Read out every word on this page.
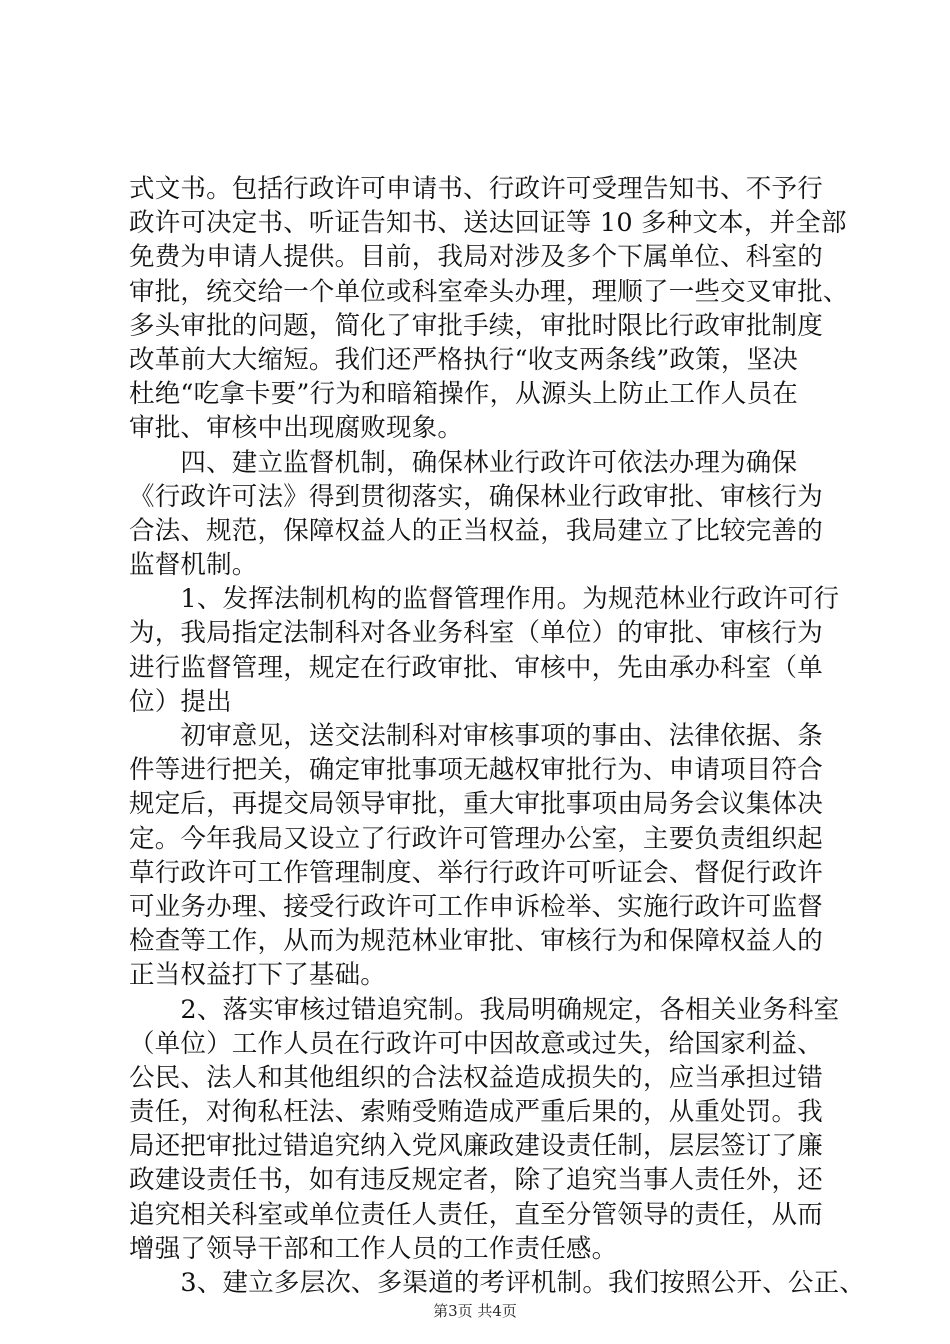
式文书。包括行政许可申请书、行政许可受理告知书、不予行
政许可决定书、听证告知书、送达回证等 10 多种文本，并全部
免费为申请人提供。目前，我局对涉及多个下属单位、科室的
审批，统交给一个单位或科室牵头办理，理顺了一些交叉审批、
多头审批的问题，简化了审批手续，审批时限比行政审批制度
改革前大大缩短。我们还严格执行“收支两条线”政策，坚决
杜绝“吃拿卡要”行为和暗箱操作，从源头上防止工作人员在
审批、审核中出现腐败现象。
　　四、建立监督机制，确保林业行政许可依法办理为确保
《行政许可法》得到贯彻落实，确保林业行政审批、审核行为
合法、规范，保障权益人的正当权益，我局建立了比较完善的
监督机制。
　　1、发挥法制机构的监督管理作用。为规范林业行政许可行
为，我局指定法制科对各业务科室（单位）的审批、审核行为
进行监督管理，规定在行政审批、审核中，先由承办科室（单
位）提出
　　初审意见，送交法制科对审核事项的事由、法律依据、条
件等进行把关，确定审批事项无越权审批行为、申请项目符合
规定后，再提交局领导审批，重大审批事项由局务会议集体决
定。今年我局又设立了行政许可管理办公室，主要负责组织起
草行政许可工作管理制度、举行行政许可听证会、督促行政许
可业务办理、接受行政许可工作申诉检举、实施行政许可监督
检查等工作，从而为规范林业审批、审核行为和保障权益人的
正当权益打下了基础。
　　2、落实审核过错追究制。我局明确规定，各相关业务科室
（单位）工作人员在行政许可中因故意或过失，给国家利益、
公民、法人和其他组织的合法权益造成损失的，应当承担过错
责任，对徇私枉法、索贿受贿造成严重后果的，从重处罚。我
局还把审批过错追究纳入党风廉政建设责任制，层层签订了廉
政建设责任书，如有违反规定者，除了追究当事人责任外，还
追究相关科室或单位责任人责任，直至分管领导的责任，从而
增强了领导干部和工作人员的工作责任感。
　　3、建立多层次、多渠道的考评机制。我们按照公开、公正、
第3页 共4页
